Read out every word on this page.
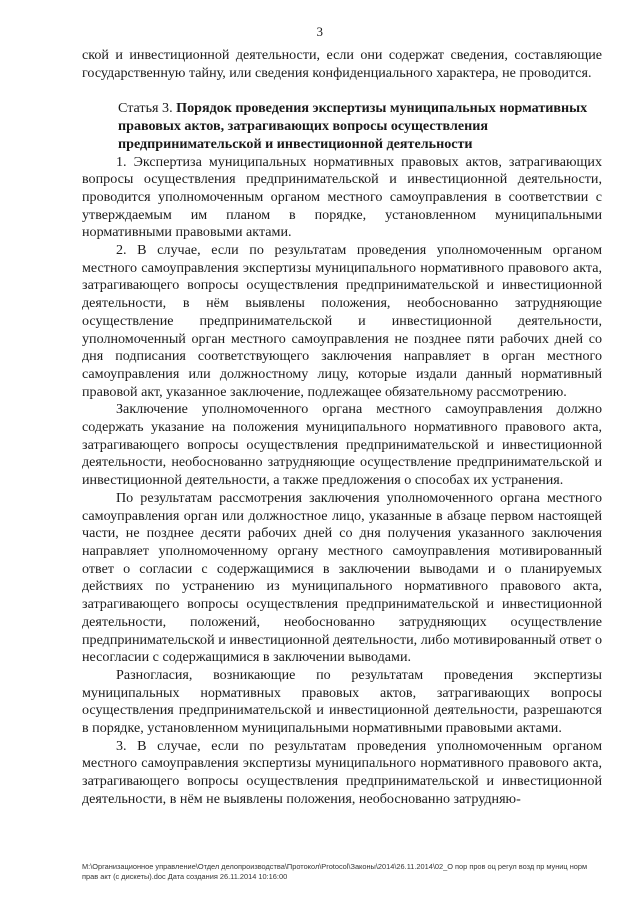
3

ской и инвестиционной деятельности, если они содержат сведения, составляющие государственную тайну, или сведения конфиденциального характера, не проводится.

Статья 3. Порядок проведения экспертизы муниципальных нормативных правовых актов, затрагивающих вопросы осуществления предпринимательской и инвестиционной деятельности

1. Экспертиза муниципальных нормативных правовых актов, затрагивающих вопросы осуществления предпринимательской и инвестиционной деятельности, проводится уполномоченным органом местного самоуправления в соответствии с утверждаемым им планом в порядке, установленном муниципальными нормативными правовыми актами.

2. В случае, если по результатам проведения уполномоченным органом местного самоуправления экспертизы муниципального нормативного правового акта, затрагивающего вопросы осуществления предпринимательской и инвестиционной деятельности, в нём выявлены положения, необоснованно затрудняющие осуществление предпринимательской и инвестиционной деятельности, уполномоченный орган местного самоуправления не позднее пяти рабочих дней со дня подписания соответствующего заключения направляет в орган местного самоуправления или должностному лицу, которые издали данный нормативный правовой акт, указанное заключение, подлежащее обязательному рассмотрению.

Заключение уполномоченного органа местного самоуправления должно содержать указание на положения муниципального нормативного правового акта, затрагивающего вопросы осуществления предпринимательской и инвестиционной деятельности, необоснованно затрудняющие осуществление предпринимательской и инвестиционной деятельности, а также предложения о способах их устранения.

По результатам рассмотрения заключения уполномоченного органа местного самоуправления орган или должностное лицо, указанные в абзаце первом настоящей части, не позднее десяти рабочих дней со дня получения указанного заключения направляет уполномоченному органу местного самоуправления мотивированный ответ о согласии с содержащимися в заключении выводами и о планируемых действиях по устранению из муниципального нормативного правового акта, затрагивающего вопросы осуществления предпринимательской и инвестиционной деятельности, положений, необоснованно затрудняющих осуществление предпринимательской и инвестиционной деятельности, либо мотивированный ответ о несогласии с содержащимися в заключении выводами.

Разногласия, возникающие по результатам проведения экспертизы муниципальных нормативных правовых актов, затрагивающих вопросы осуществления предпринимательской и инвестиционной деятельности, разрешаются в порядке, установленном муниципальными нормативными правовыми актами.

3. В случае, если по результатам проведения уполномоченным органом местного самоуправления экспертизы муниципального нормативного правового акта, затрагивающего вопросы осуществления предпринимательской и инвестиционной деятельности, в нём не выявлены положения, необоснованно затрудняю-

M:\Организационное управление\Отдел делопроизводства\Протокол\Protocol\Законы\2014\26.11.2014\02_О пор пров оц регул возд пр муниц норм прав акт (с дискеты).doc Дата создания 26.11.2014 10:16:00
